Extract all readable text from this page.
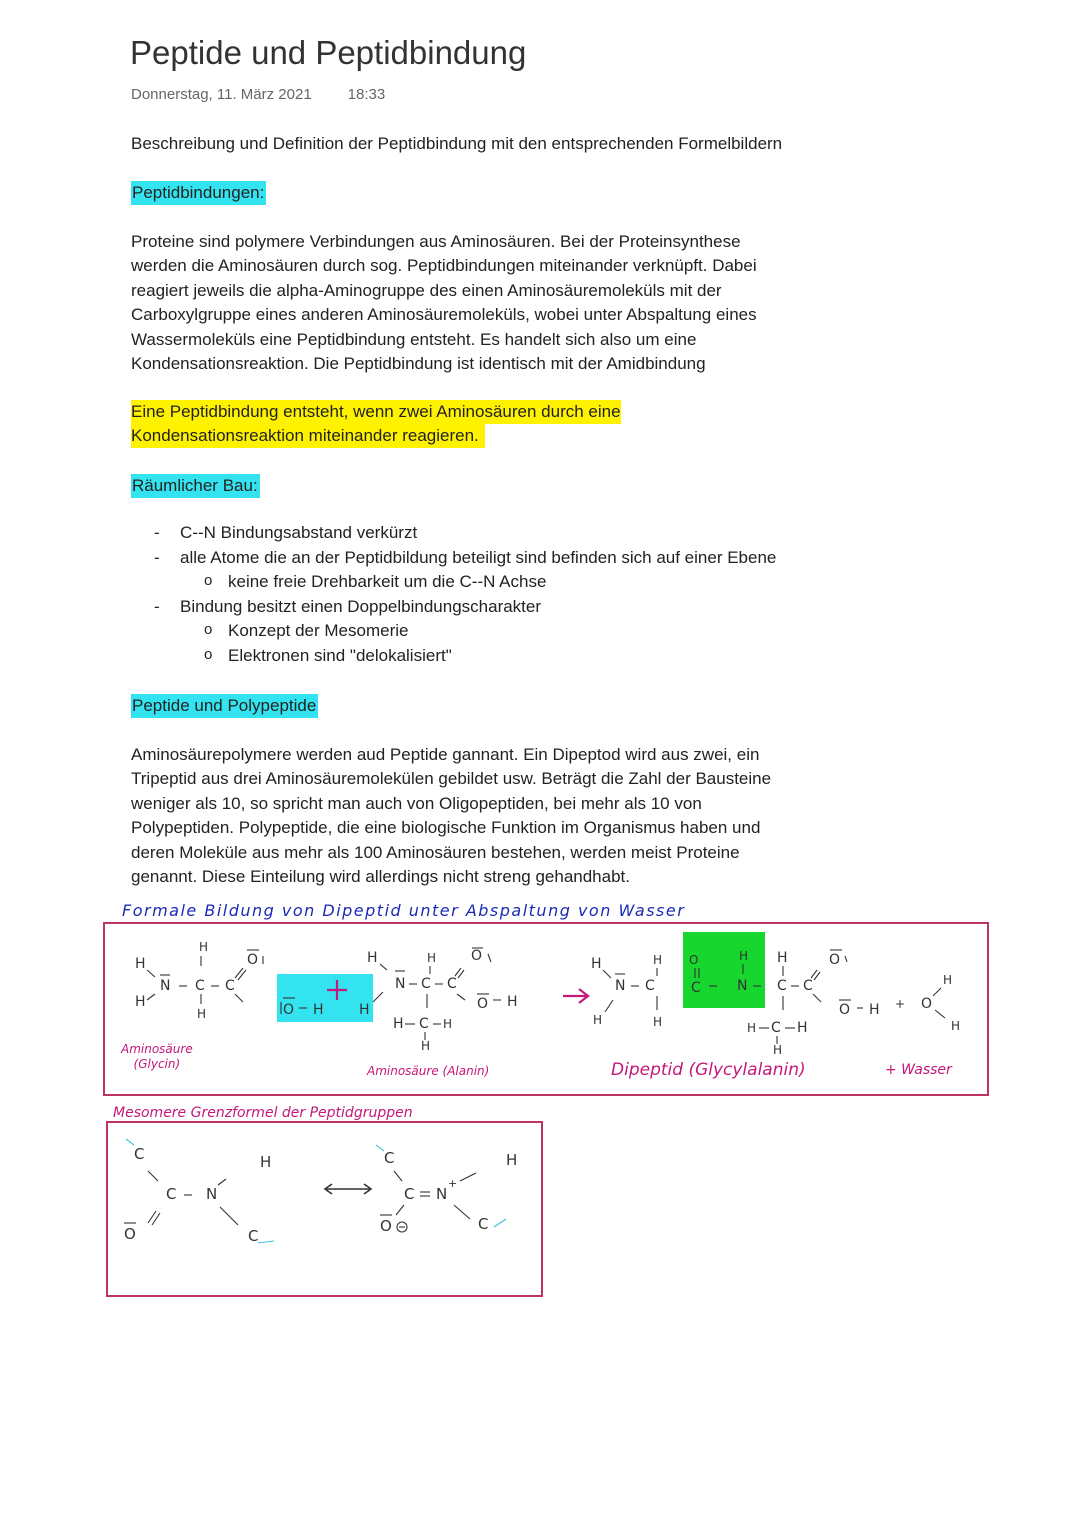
Peptide und Peptidbindung
Donnerstag, 11. März 2021 18:33
Beschreibung und Definition der Peptidbindung mit den entsprechenden Formelbildern
Peptidbindungen:
Proteine sind polymere Verbindungen aus Aminosäuren. Bei der Proteinsynthese
werden die Aminosäuren durch sog. Peptidbindungen miteinander verknüpft. Dabei
reagiert jeweils die alpha-Aminogruppe des einen Aminosäuremoleküls mit der
Carboxylgruppe eines anderen Aminosäuremoleküls, wobei unter Abspaltung eines
Wassermoleküls eine Peptidbindung entsteht. Es handelt sich also um eine
Kondensationsreaktion. Die Peptidbindung ist identisch mit der Amidbindung
Eine Peptidbindung entsteht, wenn zwei Aminosäuren durch eine
Kondensationsreaktion miteinander reagieren.
Räumlicher Bau:
- C--N Bindungsabstand verkürzt
- alle Atome die an der Peptidbildung beteiligt sind befinden sich auf einer Ebene
o keine freie Drehbarkeit um die C--N Achse
- Bindung besitzt einen Doppelbindungscharakter
o Konzept der Mesomerie
o Elektronen sind "delokalisiert"
Peptide und Polypeptide
Aminosäurepolymere werden aud Peptide gannant. Ein Dipeptod wird aus zwei, ein
Tripeptid aus drei Aminosäuremolekülen gebildet usw. Beträgt die Zahl der Bausteine
weniger als 10, so spricht man auch von Oligopeptiden, bei mehr als 10 von
Polypeptiden. Polypeptide, die eine biologische Funktion im Organismus haben und
deren Moleküle aus mehr als 100 Aminosäuren bestehen, werden meist Proteine
genannt. Diese Einteilung wird allerdings nicht streng gehandhabt.
Formale Bildung von Dipeptid unter Abspaltung von Wasser
H
H
N C
H
H
C
O
O H	H
H
N C
H
C
O
O H
H C H
H
H
N
H
C
H
H
O
C
H
N
H
C C
O
O H
H C H
H
+ O
H
H
Aminosäure
(Glycin)	Aminosäure (Alanin)	Dipeptid (Glycylalanin)	+ Wasser
Mesomere Grenzformel der Peptidgruppen
C
C N
H
C
O
C
C N
+
H
C
O
